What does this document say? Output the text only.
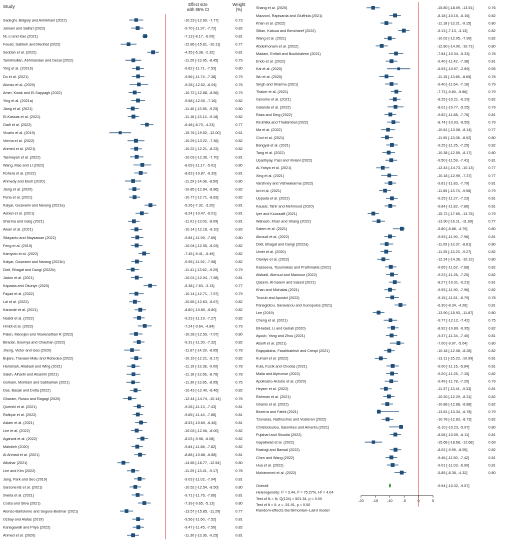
Study	Effect size
with 95% CI
Weight
(%)
Sadeghi, Bidgoly and Amirkhani (2022)	-10.23 [-12.69, -7.77]	0.73
Jamani and Saifari (2022)	-9.70 [-11.97, -7.72]	0.82
Ni, Li and Kao (2021)	-7.13 [-8.17, -6.09]	0.81
Fouad, Sabbeh and Medhat (2022)	-12.86 [-15.61, -10.11]	0.77
Seddan et al. (2022)	-4.35 [-6.38, -2.32]	0.81
Tamilmullan, Abhinandan and Desai (2022)	-11.20 [-13.95, -8.45]	0.79
Ying et al. (2021b)	-9.62 [-11.71, -7.53]	0.80
Do et al. (2021)	-9.56 [-11.74, -7.38]	0.79
Alonso et al. (2020)	-9.28 [-12.52, -6.04]	0.76
Amer, Kwak and El-Sappagh (2022)	-10.72 [-12.88, -8.56]	0.79
Ying et al. (2021a)	-9.58 [-12.00, -7.16]	0.82
Jiang et al. (2021)	-11.40 [-13.55, -9.25]	0.80
El-Kassas et al. (2021)	-11.16 [-13.14, -9.18]	0.82
Gadi et al. (2022)	-6.48 [-8.73, -4.23]	0.77
Vicario et al. (2019)	-15.76 [-19.52, -12.00]	0.61
Verma et al. (2022)	-10.29 [-13.22, -7.36]	0.82
Ahmed et al. (2021)	-10.22 [-12.21, -8.23]	0.82
Tasmayan et al. (2022)	-10.03 [-12.36, -7.70]	0.81
Wang, Mac and Li (2022)	-8.09 [-11.17, -5.01]	0.80
Rohera et al. (2022)	-8.63 [-10.87, -6.39]	0.81
Ahmedy and Ekoh (2020)	-11.29 [-14.08, -8.50]	0.80
Jiang et al. (2020)	-10.85 [-12.84, -8.86]	0.82
Pena et al. (2021)	-10.77 [-12.71, -8.83]	0.82
Kalyar, Goswami and Narang (2021a)	-5.26 [-7.32, -3.20]	0.81
Aeban et al. (2021)	-8.24 [-10.47, -6.01]	0.81
Sharma and Garg (2021)	-11.01 [-13.03, -8.99]	0.81
Awan et al. (2021)	-10.14 [-12.18, -8.10]	0.83
Sitayanto and Maysawan (2022)	-9.84 [-11.99, -7.69]	0.80
Feng et al. (2019)	-10.04 [-12.05, -8.03]	0.82
Kamyoto et al. (2022)	-7.45 [-9.41, -5.49]	0.82
Kalyar, Goswami and Narang (2021b)	-9.95 [-11.92, -7.98]	0.82
Dixit, Bhagat and Dangi (2022b)	-11.41 [-13.62, -9.20]	0.79
Jadon et al. (2021)	-10.01 [-12.04, -7.98]	0.81
Kapasta and Okonye (2020)	-5.38 [-7.63, -3.13]	0.77
Fayad et al. (2022)	-10.14 [-12.71, -7.57]	0.79
Lal et al. (2022)	-10.65 [-12.63, -8.67]	0.82
Karande et al. (2021)	-8.80 [-10.80, -6.80]	0.82
Nasidi et al. (2022)	-9.23 [-11.19, -7.27]	0.82
Hmidi et al. (2022)	-7.24 [-9.64, -4.84]	0.79
Palen, Manojan and Viswanathan R (2022)	-10.28 [-12.59, -7.97]	0.80
Biradar, Soumya and Chauhan (2022)	-9.31 [-11.30, -7.32]	0.82
Jheng, Victor and Gao (2020)	-11.67 [-14.39, -8.95]	0.78
Bujare, Travaan-Matu and Rebedea (2022)	-10.19 [-12.21, -8.17]	0.82
Hamshah, Aliabadi and Wing (2021)	-11.19 [-13.38, -9.00]	0.78
Saleh, Alharbi and Alsamhi (2021)	-11.16 [-13.56, -8.76]	0.78
Gorkam, Montiani and Sabbahian (2021)	-11.30 [-13.65, -8.95]	0.75
Das, Basak and Dutta (2022)	-10.43 [-12.40, -8.46]	0.82
Gharam, Rosso and Ragagi (2020)	-12.44 [-14.74, -10.14]	0.76
Qureshi et al. (2021)	-9.28 [-11.13, -7.43]	0.81
Rafique et al. (2022)	-9.65 [-11.44, -7.86]	0.81
Aslam et al. (2021)	-8.53 [-10.60, -6.46]	0.81
Lee et al. (2022)	-10.03 [-12.06, -8.00]	0.82
Agarwal et al. (2022)	-8.03 [-9.98, -6.08]	0.82
Mahdieh (2020)	-9.84 [-11.86, -7.82]	0.82
Al Ahmad et al. (2021)	-8.88 [-10.88, -6.88]	0.81
Albahar (2021)	-14.65 [-16.77, -12.54]	0.80
Lee and Kim (2022)	-11.29 [-13.41, -9.17]	0.78
Jang, Park and Seo (2019)	-9.03 [-11.02, -7.04]	0.81
Sarsonents et al. (2021)	-10.52 [-12.54, -8.50]	0.80
Sweta et al. (2021)	-9.71 [-11.76, -7.66]	0.81
Costa and Silva (2021)	-7.39 [-9.65, -5.13]	0.80
Alonso-Bartolome and Segura-Bedmar (2021)	-13.57 [-15.85, -11.29]	0.77
Ozbay and Alatas (2019)	-9.56 [-11.60, -7.52]	0.81
Kanagavalli and Priya (2022)	-9.47 [-11.45, -7.50]	0.82
Ahmed et al. (2020)	-11.30 [-13.36, -9.25]	0.81
Shang et al. (2020)	-15.80 [-18.09, -13.51]	0.76
Mazzoni, Rapisarda and Giuffrida (2021)	-8.18 [-10.15, -6.16]	0.82
Khan et al. (2022)	-11.18 [-13.21, -9.15]	0.80
Sitlan, Katoua and Bencharef (2022)	-5.13 [-7.13, -3.13]	0.82
Wang et al. (2021)	-10.02 [-12.05, -7.99]	0.82
Abdelmonam et al. (2022)	-12.80 [-14.90, -10.71]	0.80
Madani, Erritali and Bouikhalene (2021)	-7.84 [-10.34, -5.33]	0.78
Endo et al. (2022)	-9.40 [-11.42, -7.38]	0.81
Kai et al. (2020)	-6.93 [-10.97, -2.89]	0.55
Wu et al. (2020)	-11.15 [-13.65, -8.65]	0.78
Singh and Sharma (2021)	-9.40 [-11.64, -7.16]	0.79
Thaker et al. (2021)	-7.73 [-9.60, -5.86]	0.79
Genome et al. (2021)	-8.25 [-10.21, -6.29]	0.82
Galanda et al. (2022)	-8.01 [-10.77, -5.25]	0.79
Raza and Ding (2022)	-9.82 [-11.88, -7.76]	0.81
Kiruthika and Thailambal (2022)	-8.74 [-10.93, -6.55]	0.79
Ma et al. (2022)	-10.61 [-13.08, -8.14]	0.77
Choi et al. (2021)	-11.00 [-13.08, -8.92]	0.80
Bangyal et al. (2021)	-9.25 [-11.25, -7.25]	0.82
Tang et al. (2022)	-10.38 [-12.59, -8.17]	0.80
Upadhyay, Pasi and Viviani (2022)	-9.50 [-11.59, -7.41]	0.81
Al-Yahya et al. (2021)	-12.43 [-14.73, -10.13]	0.77
Xing et al. (2021)	-10.18 [-12.99, -7.37]	0.77
Varshney and Vishwakarma (2022)	-9.81 [-11.83, -7.79]	0.81
Iwi et al. (2021)	-11.65 [-13.74, -9.56]	0.79
Uppada et al. (2022)	-9.25 [-11.27, -7.23]	0.81
Kausar, Tahir and Mehmood (2020)	-9.84 [-11.82, -7.86]	0.81
Iyer and Koussaifi (2021)	-15.72 [-17.69, -13.75]	0.79
Waheeb, Khan and Shang (2022)	-13.90 [-16.11, -11.69]	0.77
Salem et al. (2021)	-5.80 [-8.88, -4.79]	0.80
Alnoudi et al. (2022)	-9.93 [-11.90, -7.96]	0.81
Dixit, Bhagat and Dangi (2022a)	-11.09 [-13.37, -8.81]	0.80
Umer et al. (2020)	-11.25 [-13.23, -9.27]	0.82
Olaniye et al. (2022)	-12.24 [-14.36, -10.12]	0.80
Kasseeva, Tsoumakas and Prathmakis (2021)	-9.65 [-11.62, -7.68]	0.82
Alsbadi, Aleroud and Mansour (2022)	-9.23 [-11.26, -7.20]	0.82
Qasem, Al-Sarem and Saeed (2021)	-8.27 [-10.31, -6.23]	0.81
Khan and Michalas (2021)	-9.93 [-11.90, -7.96]	0.82
Truoub and Apostol (2022)	-9.15 [-11.51, -6.79]	0.78
Panagiotou, Saravanou and Gunopulos (2021)	-6.30 [-8.34, -4.26]	0.81
Lee (2019)	-13.90 [-15.93, -11.87]	0.80
Cheng et al. (2021)	-9.77 [-12.12, -7.42]	0.75
ElHadad, Li and Gebali (2020)	-8.92 [-10.89, -6.95]	0.82
Ayoub, Yang and Zhou (2021)	-9.37 [-11.34, -7.40]	0.81
Alsulfi et al. (2021)	-7.00 [-9.97, -5.04]	0.80
Rajapaksha, Farahbakhsh and Crespi (2021)	-10.18 [-12.08, -8.28]	0.82
Kumari et al. (2022)	-13.11 [-15.23, -10.99]	0.81
Kula, Kozik and Chodas (2021)	-9.00 [-11.16, -6.84]	0.81
Malla and Alphonse (2022)	-9.20 [-11.25, -7.15]	0.82
Apolinario-Arzube et al. (2020)	-9.49 [-11.78, -7.20]	0.79
Heyser et al. (2022)	-11.37 [-13.41, -9.33]	0.81
Rahman et al. (2021)	-10.30 [-12.29, -8.31]	0.82
Ghanio et al. (2022)	-10.88 [-12.88, -8.88]	0.82
Bezerra and Fabbi (2021)	-13.81 [-13.34, -6.78]	0.79
Tzovaras, Nattnochos and Vosteran (2022)	-10.78 [-12.83, -8.73]	0.82
Christodoulou, Salonikes and Amenta (2021)	-6.10 [-10.23, -5.97]	0.80
Pujahari and Sisodia (2022)	-8.08 [-10.05, -6.11]	0.81
Gayakwad et al. (2022)	-15.68 [-18.68, -12.68]	0.69
Rastogi and Bansal (2022)	-8.02 [-9.99, -6.05]	0.82
Chen and Wang (2022)	-9.46 [-11.50, -7.42]	0.81
Hua et al. (2022)	-9.01 [-11.03, -6.99]	0.81
Mohammed et al. (2022)	-5.85 [-8.38, -4.32]	0.80
Overall	-9.94 [-10.32, -9.57]
Heterogeneity: τ² = 3.44, I² = 75.27%, H² = 4.04
Test of θᵢ = θⱼ: Q(124) = 501.34, p = 0.00
Test of θ = 0: z = -51.91, p = 0.00
-20 -15 -10	-5	0	5
Random-effects DerSimonian–Laird model
